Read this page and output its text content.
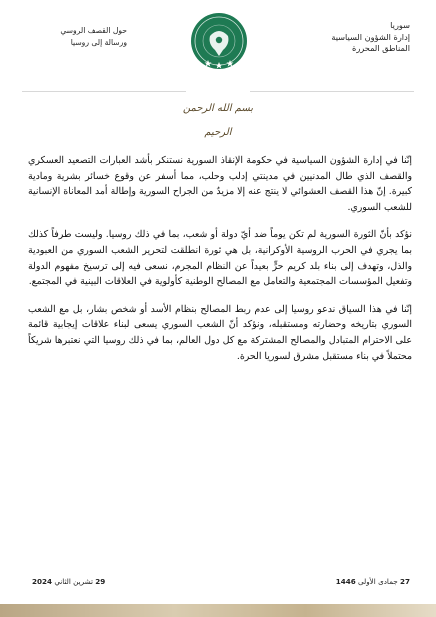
سوريا
إدارة الشؤون السياسية
المناطق المحررة
حول القصف الروسي
ورسالة إلى روسيا
بسم الله الرحمن الرحيم

إنّنا في إدارة الشؤون السياسية في حكومة الإنقاذ السورية نستنكر بأشد العبارات التصعيد العسكري والقصف الذي طال المدنيين في مدينتي إدلب وحلب، مما أسفر عن وقوع خسائر بشرية ومادية كبيرة. إنّ هذا القصف العشوائي لا ينتج عنه إلا مزيدٌ من الجراح السورية وإطالة أمد المعاناة الإنسانية للشعب السوري.

نؤكد بأنّ الثورة السورية لم تكن يوماً ضد أيّ دولة أو شعب، بما في ذلك روسيا. وليست طرفاً كذلك بما يجري في الحرب الروسية الأوكرانية، بل هي ثورة انطلقت لتحرير الشعب السوري من العبودية والذل، وتهدف إلى بناء بلد كريم حرٍّ بعيداً عن النظام المجرم، نسعى فيه إلى ترسيخ مفهوم الدولة وتفعيل المؤسسات المجتمعية والتعامل مع المصالح الوطنية كأولوية في العلاقات البينية في المجتمع.

إنّنا في هذا السياق ندعو روسيا إلى عدم ربط المصالح بنظام الأسد أو شخص بشار، بل مع الشعب السوري بتاريخه وحضارته ومستقبله، ونؤكد أنّ الشعب السوري يسعى لبناء علاقات إيجابية قائمة على الاحترام المتبادل والمصالح المشتركة مع كل دول العالم، بما في ذلك روسيا التي نعتبرها شريكاً محتملاً في بناء مستقبل مشرق لسوريا الحرة.

27 جمادى الأولى 1446
29 تشرين الثاني 2024
